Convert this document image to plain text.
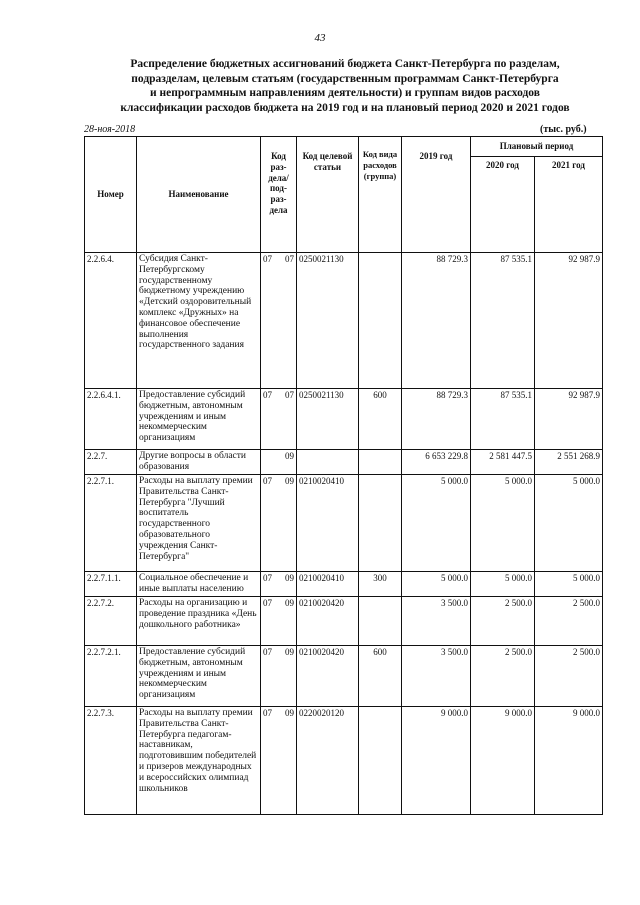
43
Распределение бюджетных ассигнований бюджета Санкт-Петербурга по разделам,
подразделам, целевым статьям (государственным программам Санкт-Петербурга
и непрограммным направлениям деятельности) и группам видов расходов
классификации расходов бюджета на 2019 год и на плановый период 2020 и 2021 годов
28-ноя-2018	(тыс. руб.)
Номер	Наименование	Код раз-дела/ под-раз-дела	Код целевой статьи	Код вида расходов (группа)	2019 год	Плановый период	
						2020 год	2021 год
2.2.6.4.	Субсидия Санкт-Петербургскому государственному бюджетному учреждению «Детский оздоровительный комплекс «Дружных» на финансовое обеспечение выполнения государственного задания	07 07	0250021130		88 729.3	87 535.1	92 987.9
2.2.6.4.1.	Предоставление субсидий бюджетным, автономным учреждениям и иным некоммерческим организациям	07 07	0250021130	600	88 729.3	87 535.1	92 987.9
2.2.7.	Другие вопросы в области образования	09			6 653 229.8	2 581 447.5	2 551 268.9
2.2.7.1.	Расходы на выплату премии Правительства Санкт-Петербурга "Лучший воспитатель государственного образовательного учреждения Санкт-Петербурга"	07 09	0210020410		5 000.0	5 000.0	5 000.0
2.2.7.1.1.	Социальное обеспечение и иные выплаты населению	07 09	0210020410	300	5 000.0	5 000.0	5 000.0
2.2.7.2.	Расходы на организацию и проведение праздника «День дошкольного работника»	07 09	0210020420		3 500.0	2 500.0	2 500.0
2.2.7.2.1.	Предоставление субсидий бюджетным, автономным учреждениям и иным некоммерческим организациям	07 09	0210020420	600	3 500.0	2 500.0	2 500.0
2.2.7.3.	Расходы на выплату премии Правительства Санкт-Петербурга педагогам-наставникам, подготовившим победителей и призеров международных и всероссийских олимпиад школьников	07 09	0220020120		9 000.0	9 000.0	9 000.0
